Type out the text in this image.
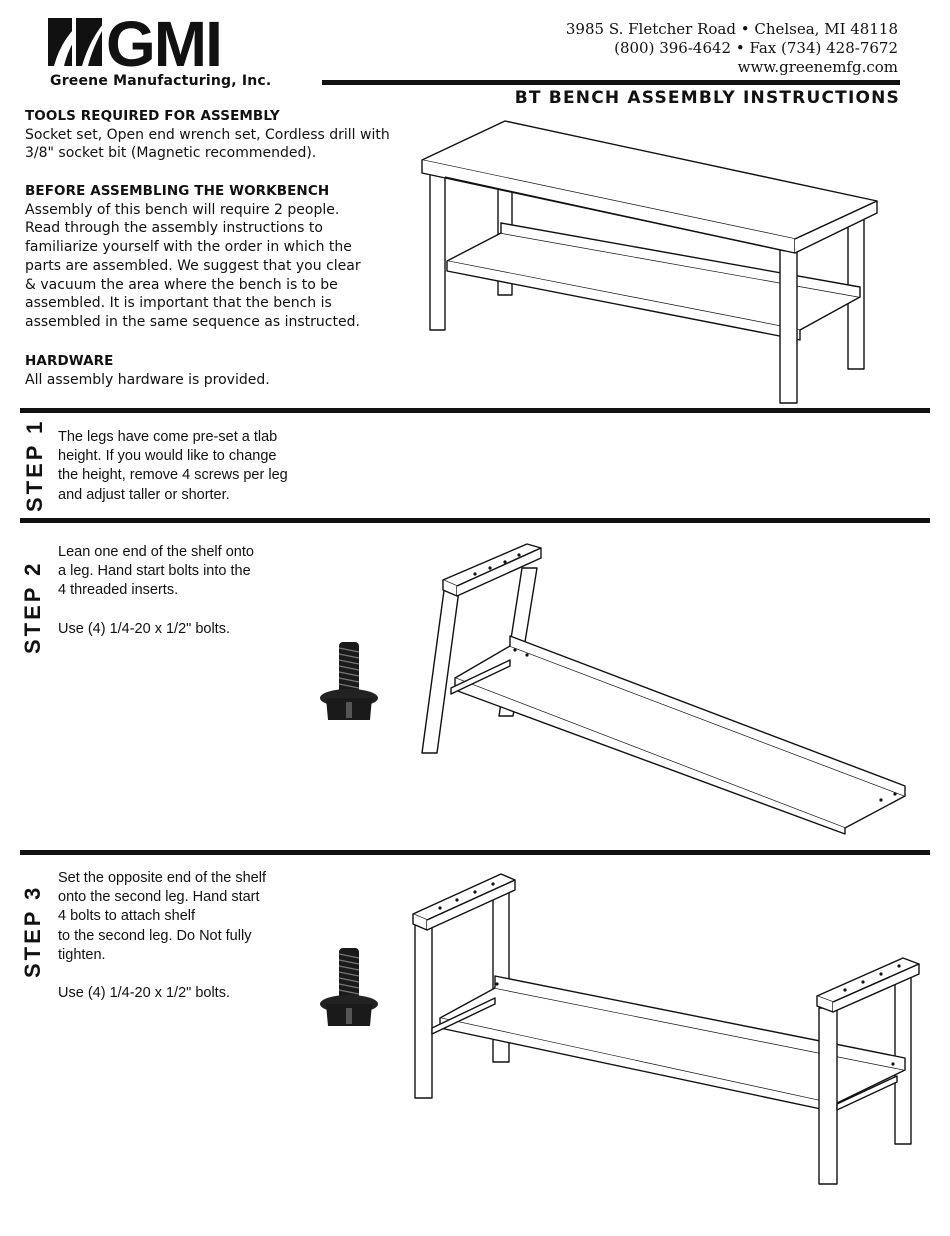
GMI
Greene Manufacturing, Inc.
3985 S. Fletcher Road • Chelsea, MI 48118
(800) 396-4642 • Fax (734) 428-7672
www.greenemfg.com
BT BENCH ASSEMBLY INSTRUCTIONS
TOOLS REQUIRED FOR ASSEMBLY

Socket set, Open end wrench set, Cordless drill with
3/8" socket bit (Magnetic recommended).

BEFORE ASSEMBLING THE WORKBENCH

Assembly of this bench will require 2 people.
Read through the assembly instructions to
familiarize yourself with the order in which the
parts are assembled. We suggest that you clear
& vacuum the area where the bench is to be
assembled. It is important that the bench is
assembled in the same sequence as instructed.

HARDWARE

All assembly hardware is provided.

STEP 1 The legs have come pre-set a tlab
height. If you would like to change
the height, remove 4 screws per leg
and adjust taller or shorter.
STEP 2
Lean one end of the shelf onto
a leg. Hand start bolts into the
4 threaded inserts.

Use (4) 1/4-20 x 1/2" bolts.
STEP 3
Set the opposite end of the shelf
onto the second leg. Hand start
4 bolts to attach shelf
to the second leg. Do Not fully
tighten.

Use (4) 1/4-20 x 1/2" bolts.
